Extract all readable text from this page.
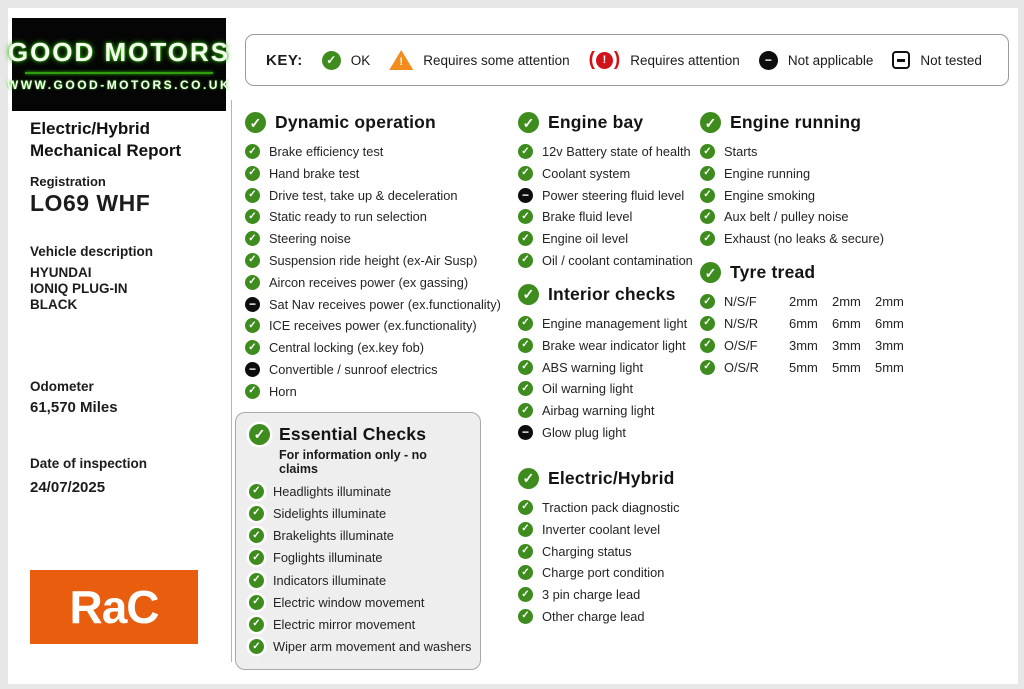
GOOD MOTORS
WWW.GOOD-MOTORS.CO.UK
KEY: ✓	OK !	Requires some attention (
!
)	Requires attention −	Not applicable	Not tested
Electric/Hybrid Mechanical Report
Registration
LO69 WHF
Vehicle description
HYUNDAI
IONIQ PLUG-IN
BLACK
Odometer
61,570 Miles
Date of inspection
24/07/2025
RaC
✓
Dynamic operation
✓
Brake efficiency test
✓
Hand brake test
✓
Drive test, take up & deceleration
✓
Static ready to run selection
✓
Steering noise
✓
Suspension ride height (ex-Air Susp)
✓
Aircon receives power (ex gassing)
−
Sat Nav receives power (ex.functionality)
✓
ICE receives power (ex.functionality)
✓
Central locking (ex.key fob)
−
Convertible / sunroof electrics
✓
Horn
✓
Essential Checks
For information only - no claims
✓
Headlights illuminate
✓
Sidelights illuminate
✓
Brakelights illuminate
✓
Foglights illuminate
✓
Indicators illuminate
✓
Electric window movement
✓
Electric mirror movement
✓
Wiper arm movement and washers
✓
Engine bay
✓
12v Battery state of health
✓
Coolant system
−
Power steering fluid level
✓
Brake fluid level
✓
Engine oil level
✓
Oil / coolant contamination
✓
Interior checks
✓
Engine management light
✓
Brake wear indicator light
✓
ABS warning light
✓
Oil warning light
✓
Airbag warning light
−
Glow plug light
✓
Electric/Hybrid
✓
Traction pack diagnostic
✓
Inverter coolant level
✓
Charging status
✓
Charge port condition
✓
3 pin charge lead
✓
Other charge lead
✓
Engine running
✓
Starts
✓
Engine running
✓
Engine smoking
✓
Aux belt / pulley noise
✓
Exhaust (no leaks & secure)
✓
Tyre tread
✓
N/S/F	2mm	2mm	2mm
✓
N/S/R	6mm	6mm	6mm
✓
O/S/F	3mm	3mm	3mm
✓
O/S/R	5mm	5mm	5mm
